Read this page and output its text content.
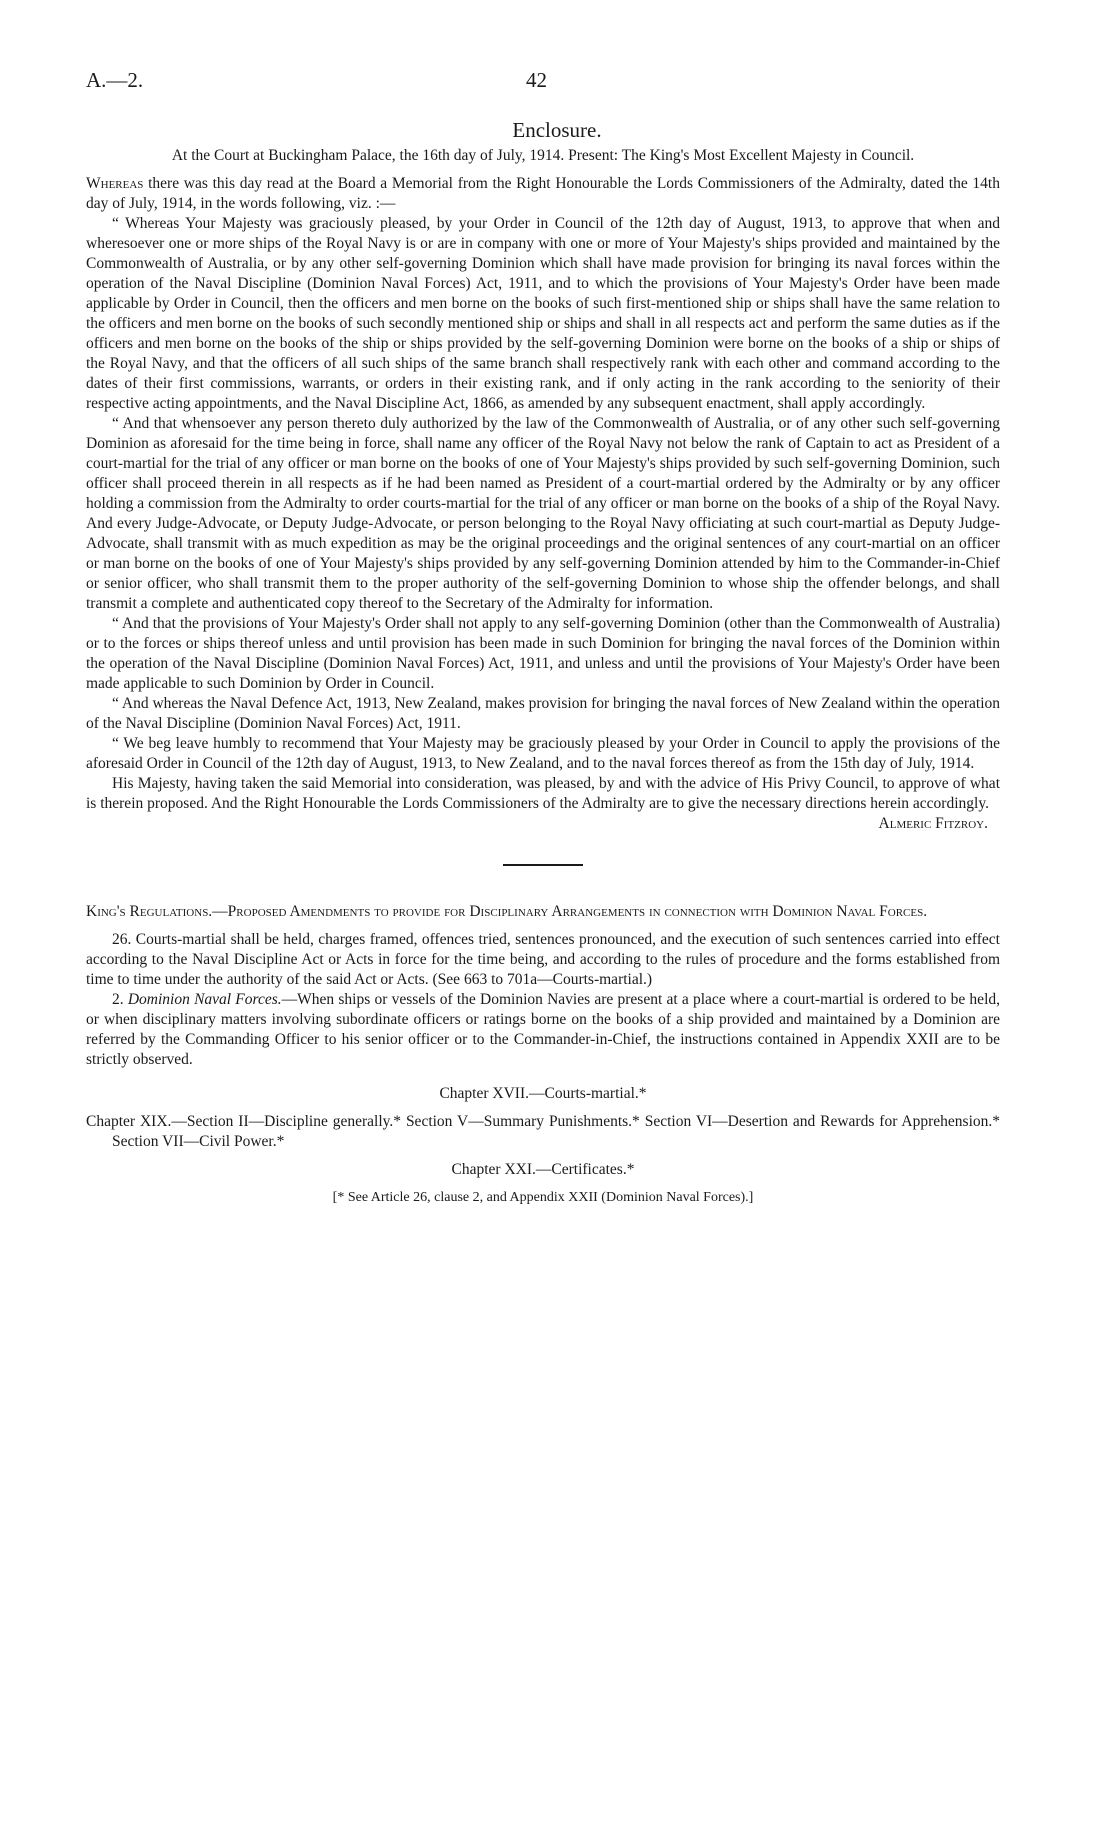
A.—2.	42
Enclosure.

At the Court at Buckingham Palace, the 16th day of July, 1914. Present: The King's Most Excellent Majesty in Council.

Whereas there was this day read at the Board a Memorial from the Right Honourable the Lords Commissioners of the Admiralty, dated the 14th day of July, 1914, in the words following, viz. :—

“ Whereas Your Majesty was graciously pleased, by your Order in Council of the 12th day of August, 1913, to approve that when and wheresoever one or more ships of the Royal Navy is or are in company with one or more of Your Majesty's ships provided and maintained by the Commonwealth of Australia, or by any other self-governing Dominion which shall have made provision for bringing its naval forces within the operation of the Naval Discipline (Dominion Naval Forces) Act, 1911, and to which the provisions of Your Majesty's Order have been made applicable by Order in Council, then the officers and men borne on the books of such first-mentioned ship or ships shall have the same relation to the officers and men borne on the books of such secondly mentioned ship or ships and shall in all respects act and perform the same duties as if the officers and men borne on the books of the ship or ships provided by the self-governing Dominion were borne on the books of a ship or ships of the Royal Navy, and that the officers of all such ships of the same branch shall respectively rank with each other and command according to the dates of their first commissions, warrants, or orders in their existing rank, and if only acting in the rank according to the seniority of their respective acting appointments, and the Naval Discipline Act, 1866, as amended by any subsequent enactment, shall apply accordingly.

“ And that whensoever any person thereto duly authorized by the law of the Commonwealth of Australia, or of any other such self-governing Dominion as aforesaid for the time being in force, shall name any officer of the Royal Navy not below the rank of Captain to act as President of a court-martial for the trial of any officer or man borne on the books of one of Your Majesty's ships provided by such self-governing Dominion, such officer shall proceed therein in all respects as if he had been named as President of a court-martial ordered by the Admiralty or by any officer holding a commission from the Admiralty to order courts-martial for the trial of any officer or man borne on the books of a ship of the Royal Navy. And every Judge-Advocate, or Deputy Judge-Advocate, or person belonging to the Royal Navy officiating at such court-martial as Deputy Judge-Advocate, shall transmit with as much expedition as may be the original proceedings and the original sentences of any court-martial on an officer or man borne on the books of one of Your Majesty's ships provided by any self-governing Dominion attended by him to the Commander-in-Chief or senior officer, who shall transmit them to the proper authority of the self-governing Dominion to whose ship the offender belongs, and shall transmit a complete and authenticated copy thereof to the Secretary of the Admiralty for information.

“ And that the provisions of Your Majesty's Order shall not apply to any self-governing Dominion (other than the Commonwealth of Australia) or to the forces or ships thereof unless and until provision has been made in such Dominion for bringing the naval forces of the Dominion within the operation of the Naval Discipline (Dominion Naval Forces) Act, 1911, and unless and until the provisions of Your Majesty's Order have been made applicable to such Dominion by Order in Council.

“ And whereas the Naval Defence Act, 1913, New Zealand, makes provision for bringing the naval forces of New Zealand within the operation of the Naval Discipline (Dominion Naval Forces) Act, 1911.

“ We beg leave humbly to recommend that Your Majesty may be graciously pleased by your Order in Council to apply the provisions of the aforesaid Order in Council of the 12th day of August, 1913, to New Zealand, and to the naval forces thereof as from the 15th day of July, 1914.

His Majesty, having taken the said Memorial into consideration, was pleased, by and with the advice of His Privy Council, to approve of what is therein proposed. And the Right Honourable the Lords Commissioners of the Admiralty are to give the necessary directions herein accordingly.

Almeric Fitzroy.

King's Regulations.—Proposed Amendments to provide for Disciplinary Arrangements in connection with Dominion Naval Forces.

26. Courts-martial shall be held, charges framed, offences tried, sentences pronounced, and the execution of such sentences carried into effect according to the Naval Discipline Act or Acts in force for the time being, and according to the rules of procedure and the forms established from time to time under the authority of the said Act or Acts. (See 663 to 701a—Courts-martial.)

2. Dominion Naval Forces.—When ships or vessels of the Dominion Navies are present at a place where a court-martial is ordered to be held, or when disciplinary matters involving subordinate officers or ratings borne on the books of a ship provided and maintained by a Dominion are referred by the Commanding Officer to his senior officer or to the Commander-in-Chief, the instructions contained in Appendix XXII are to be strictly observed.

Chapter XVII.—Courts-martial.*

Chapter XIX.—Section II—Discipline generally.* Section V—Summary Punishments.* Section VI—Desertion and Rewards for Apprehension.* Section VII—Civil Power.*

Chapter XXI.—Certificates.*

[* See Article 26, clause 2, and Appendix XXII (Dominion Naval Forces).]
